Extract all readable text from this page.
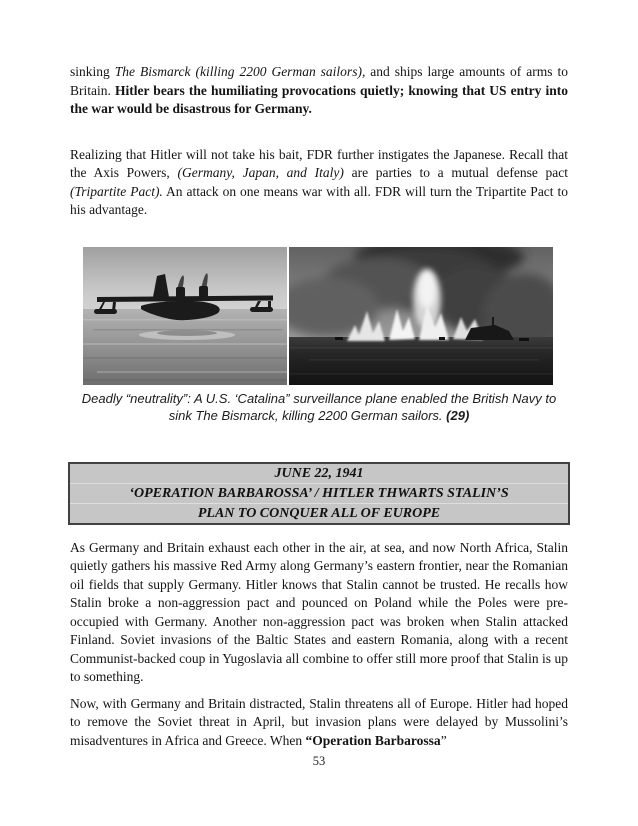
sinking The Bismarck (killing 2200 German sailors), and ships large amounts of arms to Britain. Hitler bears the humiliating provocations quietly; knowing that US entry into the war would be disastrous for Germany.

Realizing that Hitler will not take his bait, FDR further instigates the Japanese. Recall that the Axis Powers, (Germany, Japan, and Italy) are parties to a mutual defense pact (Tripartite Pact). An attack on one means war with all. FDR will turn the Tripartite Pact to his advantage.

Deadly “neutrality”: A U.S. ‘Catalina” surveillance plane enabled the British Navy to sink The Bismarck, killing 2200 German sailors. (29)
JUNE 22, 1941
‘OPERATION BARBAROSSA’ / HITLER THWARTS STALIN’S
PLAN TO CONQUER ALL OF EUROPE

As Germany and Britain exhaust each other in the air, at sea, and now North Africa, Stalin quietly gathers his massive Red Army along Germany’s eastern frontier, near the Romanian oil fields that supply Germany. Hitler knows that Stalin cannot be trusted. He recalls how Stalin broke a non-aggression pact and pounced on Poland while the Poles were pre-occupied with Germany. Another non-aggression pact was broken when Stalin attacked Finland. Soviet invasions of the Baltic States and eastern Romania, along with a recent Communist-backed coup in Yugoslavia all combine to offer still more proof that Stalin is up to something.

Now, with Germany and Britain distracted, Stalin threatens all of Europe. Hitler had hoped to remove the Soviet threat in April, but invasion plans were delayed by Mussolini’s misadventures in Africa and Greece. When “Operation Barbarossa”

53
